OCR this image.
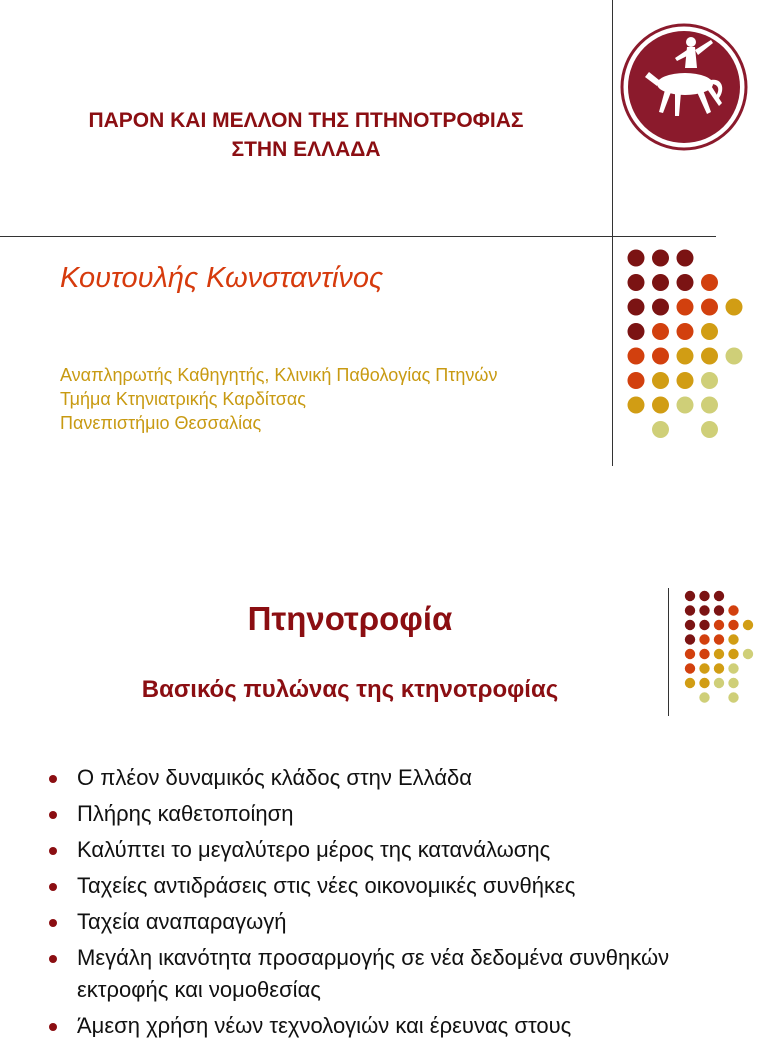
ΠΑΡΟΝ ΚΑΙ ΜΕΛΛΟΝ ΤΗΣ ΠΤΗΝΟΤΡΟΦΙΑΣ
ΣΤΗΝ ΕΛΛΑΔΑ
Κουτουλής Κωνσταντίνος
Αναπληρωτής Καθηγητής, Κλινική Παθολογίας Πτηνών
Τμήμα Κτηνιατρικής Καρδίτσας
Πανεπιστήμιο Θεσσαλίας
Πτηνοτροφία
Βασικός πυλώνας της κτηνοτροφίας
Ο πλέον δυναμικός κλάδος στην Ελλάδα
Πλήρης καθετοποίηση
Καλύπτει το μεγαλύτερο μέρος της κατανάλωσης
Ταχείες αντιδράσεις στις νέες οικονομικές συνθήκες
Ταχεία αναπαραγωγή
Μεγάλη ικανότητα προσαρμογής σε νέα δεδομένα συνθηκών εκτροφής και νομοθεσίας
Άμεση χρήση νέων τεχνολογιών και έρευνας στους
